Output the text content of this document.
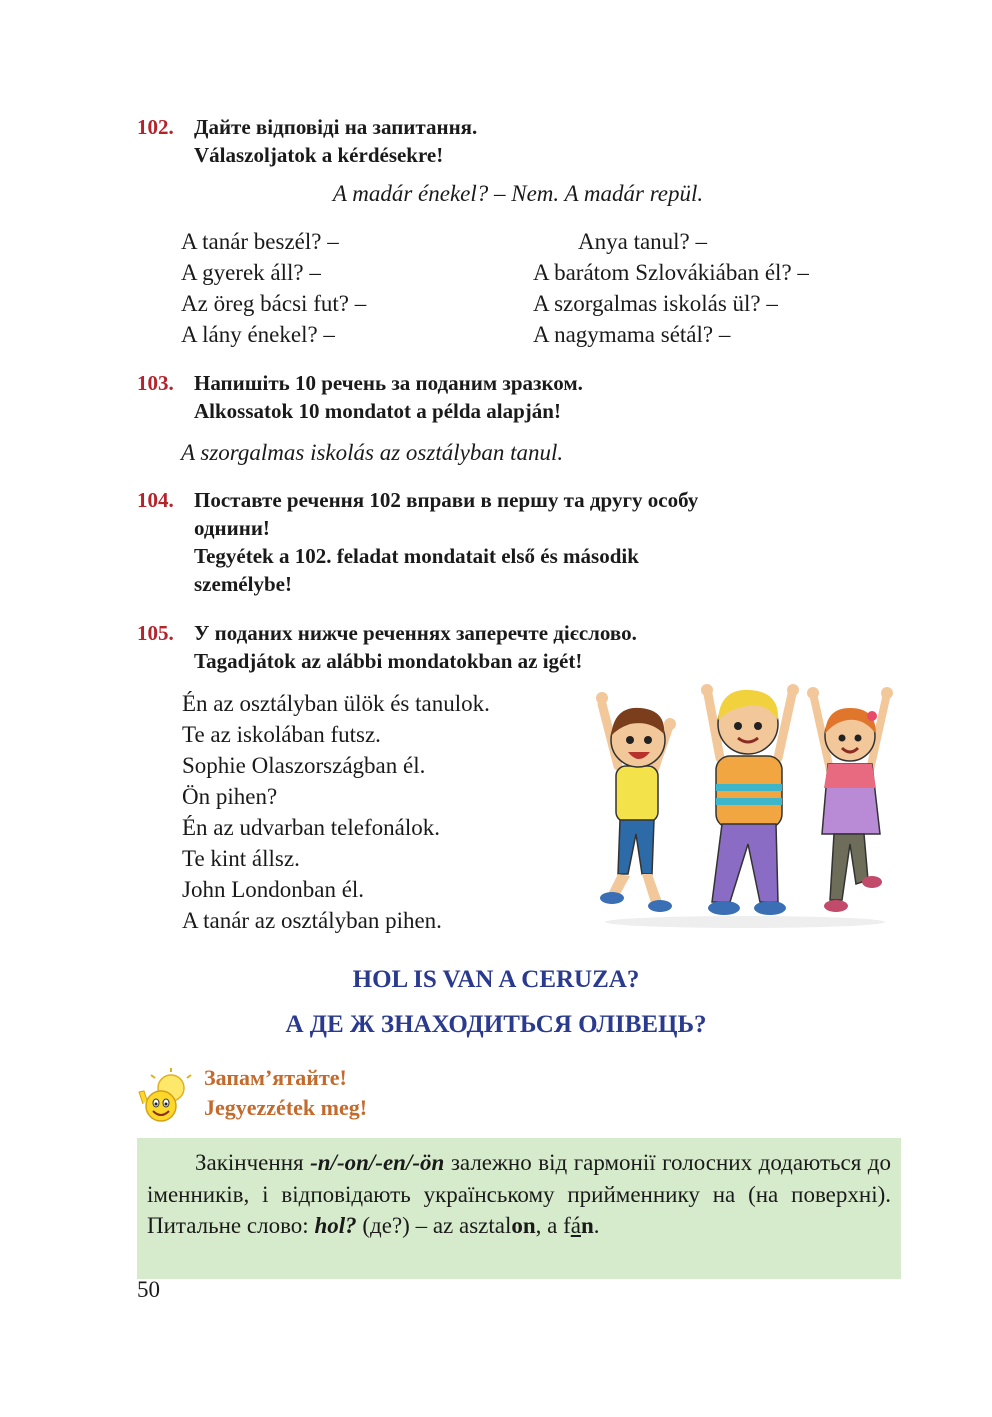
102. Дайте відповіді на запитання.
Válaszoljatok a kérdésekre!
A madár énekel? – Nem. A madár repül.
A tanár beszél? –
A gyerek áll? –
Az öreg bácsi fut? –
A lány énekel? –
Anya tanul? –
A barátom Szlovákiában él? –
A szorgalmas iskolás ül? –
A nagymama sétál? –
103. Напишіть 10 речень за поданим зразком.
Alkossatok 10 mondatot a példa alapján!
A szorgalmas iskolás az osztályban tanul.
104. Поставте речення 102 вправи в першу та другу особу
однини!
Tegyétek a 102. feladat mondatait első és második
személybe!
105. У поданих нижче реченнях заперечте дієслово.
Tagadjátok az alábbi mondatokban az igét!
Én az osztályban ülök és tanulok.
Te az iskolában futsz.
Sophie Olaszországban él.
Ön pihen?
Én az udvarban telefonálok.
Te kint állsz.
John Londonban él.
A tanár az osztályban pihen.
HOL IS VAN A CERUZA?
А ДЕ Ж ЗНАХОДИТЬСЯ ОЛІВЕЦЬ?
Запам’ятайте!
Jegyezzétek meg!

Закінчення -n/-on/-en/-ön залежно від гармонії голосних додаються до іменників, і відповідають українському прийменнику на (на поверхні). Питальне слово: hol? (де?) – az asztalon, a fán.

50
